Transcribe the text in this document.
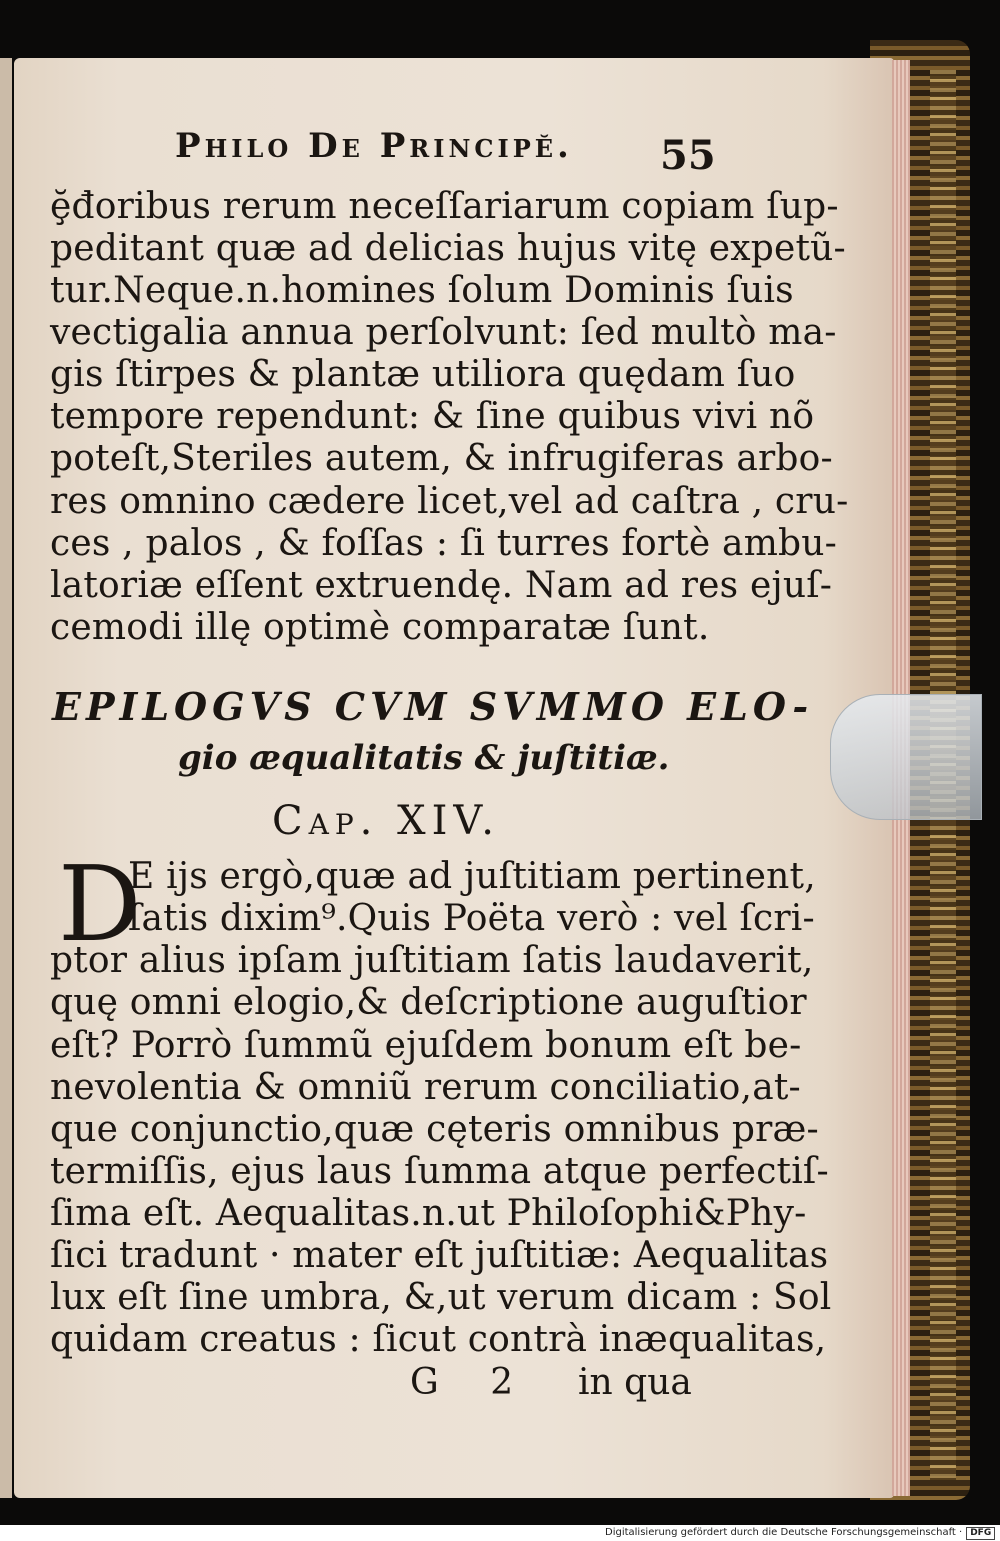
Philo De Principĕ. 55
ḝđoribus rerum neceſſariarum copiam ſup-
peditant quæ ad delicias hujus vitę expetũ-
tur.Neque.n.homines ſolum Dominis ſuis
vectigalia annua perſolvunt: ſed multò ma-
gis ſtirpes & plantæ utiliora quędam ſuo
tempore rependunt: & ſine quibus vivi nõ
poteſt,Steriles autem, & infrugiferas arbo-
res omnino cædere licet,vel ad caſtra , cru-
ces , palos , & foſſas : ſi turres fortè ambu-
latoriæ eſſent extruendę. Nam ad res ejuſ-
cemodi illę optimè comparatæ ſunt.
EPILOGVS CVM SVMMO ELO-
gio æqualitatis & juſtitiæ.
Cap. XIV.
D
E ijs ergò,quæ ad juſtitiam pertinent,
ſatis dixim⁹.Quis Poëta verò : vel ſcri-
ptor alius ipſam juſtitiam ſatis laudaverit,
quę omni elogio,& deſcriptione auguſtior
eſt? Porrò ſummũ ejuſdem bonum eſt be-
nevolentia & omniũ rerum conciliatio,at-
que conjunctio,quæ cęteris omnibus præ-
termiſſis, ejus laus ſumma atque perfectiſ-
ſima eſt. Aequalitas.n.ut Philoſophi&Phy-
ſici tradunt · mater eſt juſtitiæ: Aequalitas
lux eſt ſine umbra, &,ut verum dicam : Sol
quidam creatus : ſicut contrà inæqualitas,
G 2 in qua
Digitalisierung gefördert durch die Deutsche Forschungsgemeinschaft · DFG
